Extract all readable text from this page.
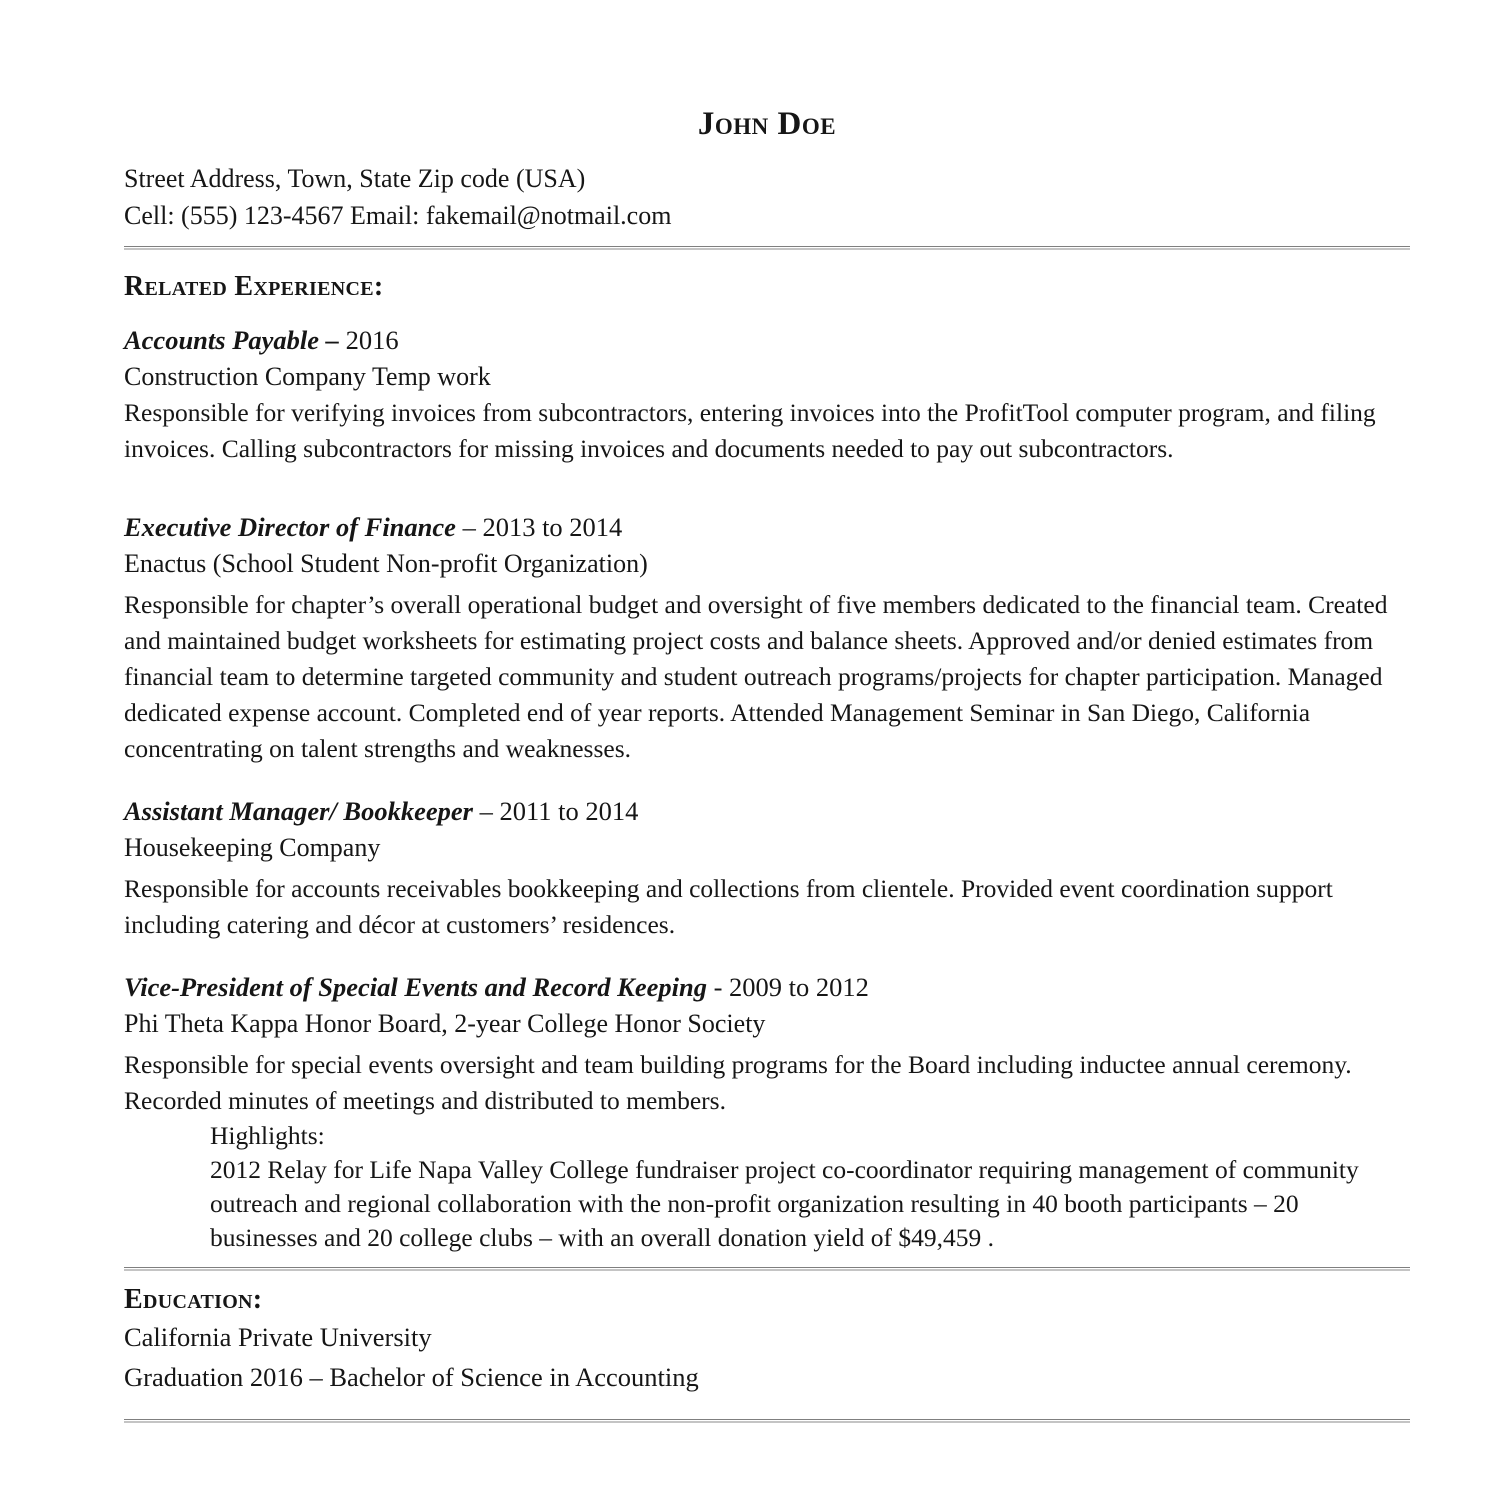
John Doe

Street Address, Town, State Zip code (USA)

Cell: (555) 123-4567 Email: fakemail@notmail.com

Related Experience:
Accounts Payable – 2016

Construction Company Temp work

Responsible for verifying invoices from subcontractors, entering invoices into the ProfitTool computer program, and filing invoices. Calling subcontractors for missing invoices and documents needed to pay out subcontractors.

Executive Director of Finance – 2013 to 2014

Enactus (School Student Non-profit Organization)

Responsible for chapter’s overall operational budget and oversight of five members dedicated to the financial team. Created and maintained budget worksheets for estimating project costs and balance sheets. Approved and/or denied estimates from financial team to determine targeted community and student outreach programs/projects for chapter participation. Managed dedicated expense account. Completed end of year reports. Attended Management Seminar in San Diego, California concentrating on talent strengths and weaknesses.

Assistant Manager/ Bookkeeper – 2011 to 2014

Housekeeping Company

Responsible for accounts receivables bookkeeping and collections from clientele. Provided event coordination support including catering and décor at customers’ residences.

Vice-President of Special Events and Record Keeping - 2009 to 2012

Phi Theta Kappa Honor Board, 2-year College Honor Society

Responsible for special events oversight and team building programs for the Board including inductee annual ceremony. Recorded minutes of meetings and distributed to members.

Highlights:

2012 Relay for Life Napa Valley College fundraiser project co-coordinator requiring management of community outreach and regional collaboration with the non-profit organization resulting in 40 booth participants – 20 businesses and 20 college clubs – with an overall donation yield of $49,459 .

Education:

California Private University

Graduation 2016 – Bachelor of Science in Accounting
